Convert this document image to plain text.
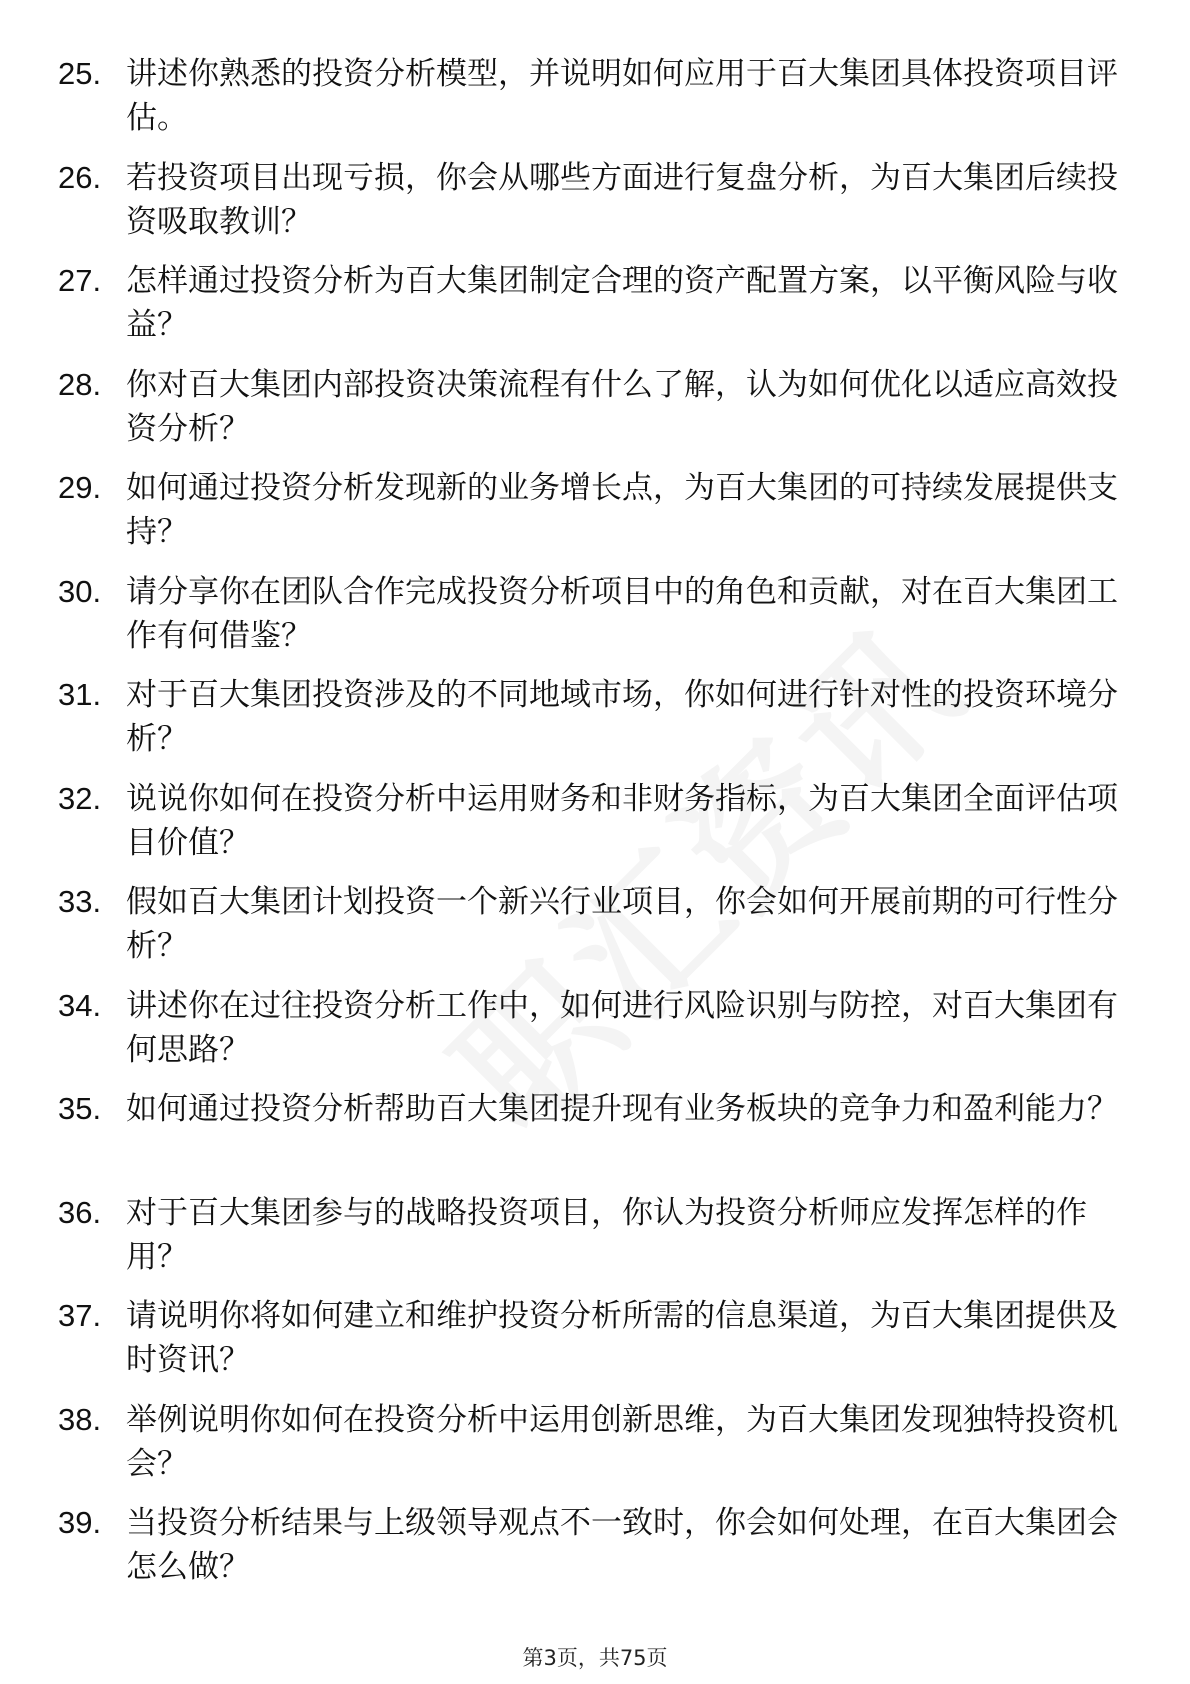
25. 讲述你熟悉的投资分析模型，并说明如何应用于百大集团具体投资项目评估。
26. 若投资项目出现亏损，你会从哪些方面进行复盘分析，为百大集团后续投资吸取教训？
27. 怎样通过投资分析为百大集团制定合理的资产配置方案，以平衡风险与收益？
28. 你对百大集团内部投资决策流程有什么了解，认为如何优化以适应高效投资分析？
29. 如何通过投资分析发现新的业务增长点，为百大集团的可持续发展提供支持？
30. 请分享你在团队合作完成投资分析项目中的角色和贡献，对在百大集团工作有何借鉴？
31. 对于百大集团投资涉及的不同地域市场，你如何进行针对性的投资环境分析？
32. 说说你如何在投资分析中运用财务和非财务指标，为百大集团全面评估项目价值？
33. 假如百大集团计划投资一个新兴行业项目，你会如何开展前期的可行性分析？
34. 讲述你在过往投资分析工作中，如何进行风险识别与防控，对百大集团有何思路？
35. 如何通过投资分析帮助百大集团提升现有业务板块的竞争力和盈利能力？
36. 对于百大集团参与的战略投资项目，你认为投资分析师应发挥怎样的作用？
37. 请说明你将如何建立和维护投资分析所需的信息渠道，为百大集团提供及时资讯？
38. 举例说明你如何在投资分析中运用创新思维，为百大集团发现独特投资机会？
39. 当投资分析结果与上级领导观点不一致时，你会如何处理，在百大集团会怎么做？
第3页，共75页
